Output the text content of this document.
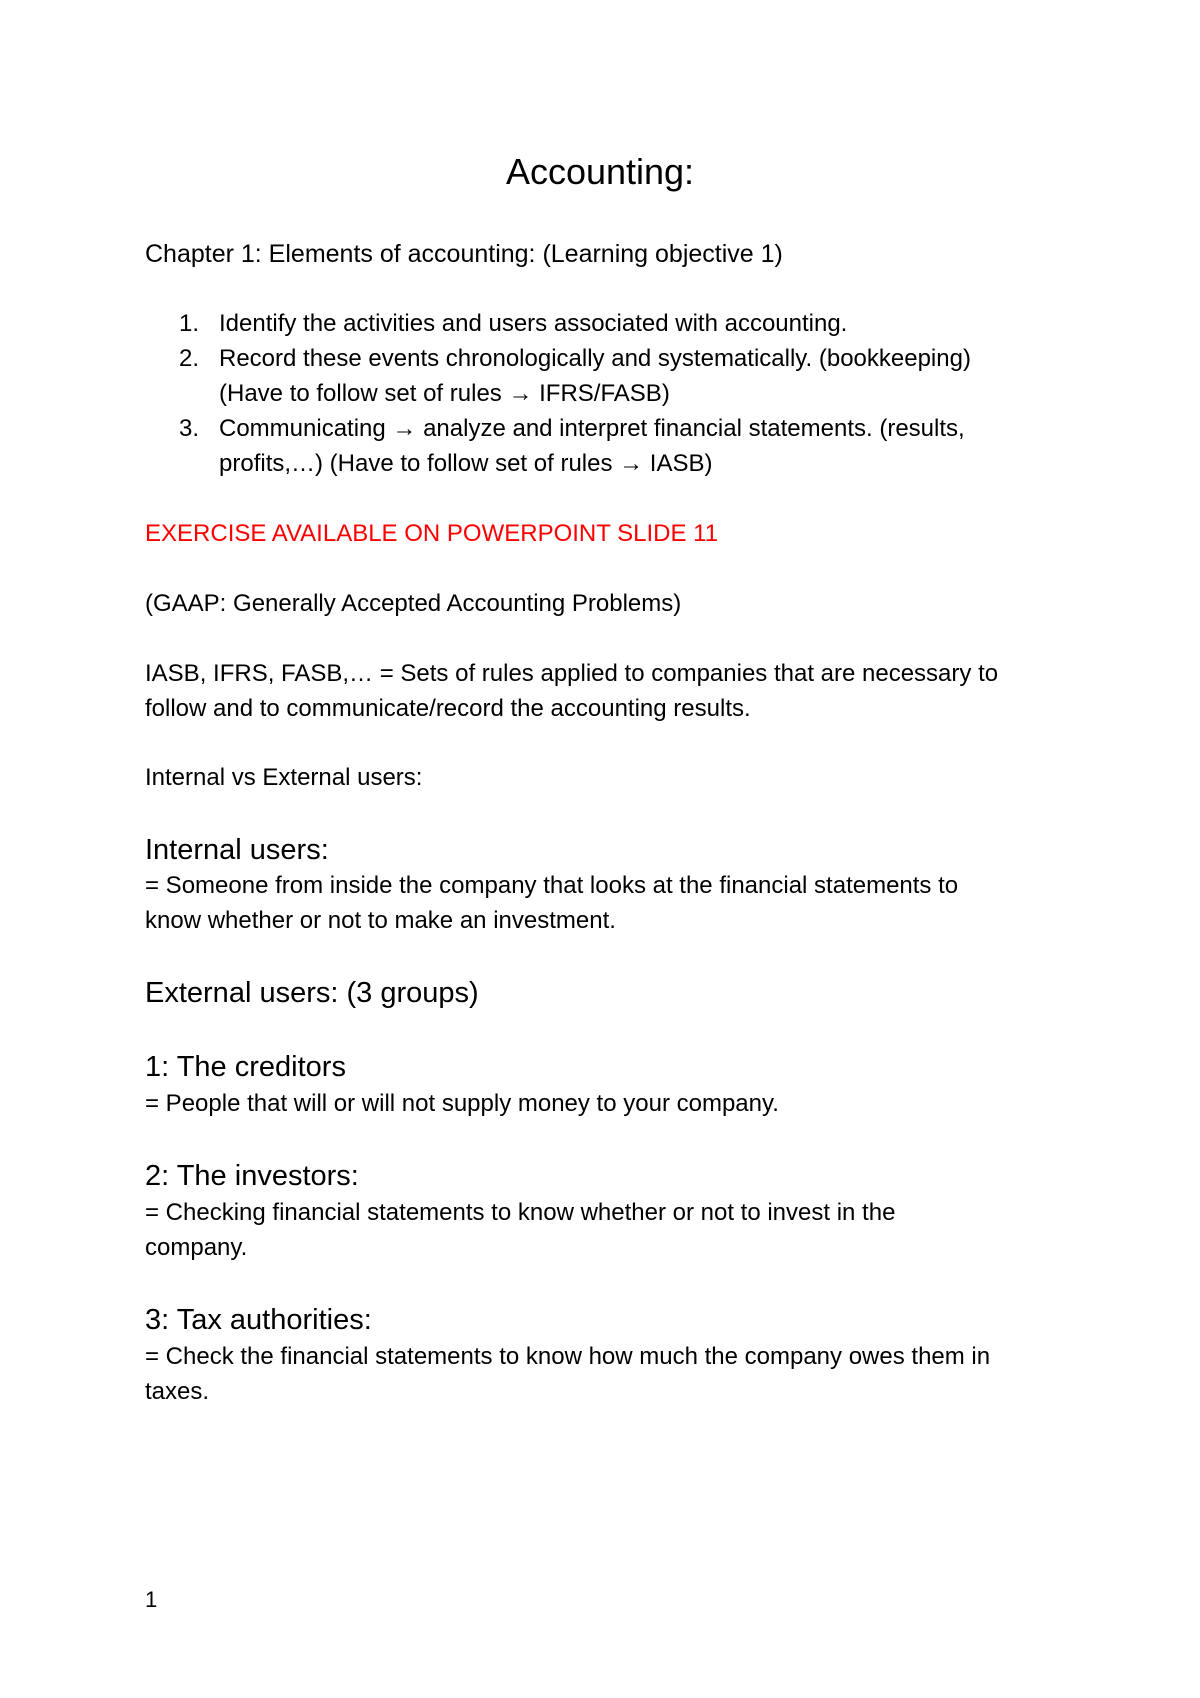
Accounting:
Chapter 1: Elements of accounting: (Learning objective 1)
1. Identify the activities and users associated with accounting.
2. Record these events chronologically and systematically. (bookkeeping)
(Have to follow set of rules → IFRS/FASB)
3. Communicating → analyze and interpret financial statements. (results,
profits,…) (Have to follow set of rules → IASB)
EXERCISE AVAILABLE ON POWERPOINT SLIDE 11
(GAAP: Generally Accepted Accounting Problems)
IASB, IFRS, FASB,… = Sets of rules applied to companies that are necessary to
follow and to communicate/record the accounting results.
Internal vs External users:
Internal users:
= Someone from inside the company that looks at the financial statements to
know whether or not to make an investment.
External users: (3 groups)
1: The creditors
= People that will or will not supply money to your company.
2: The investors:
= Checking financial statements to know whether or not to invest in the
company.
3: Tax authorities:
= Check the financial statements to know how much the company owes them in
taxes.
1
